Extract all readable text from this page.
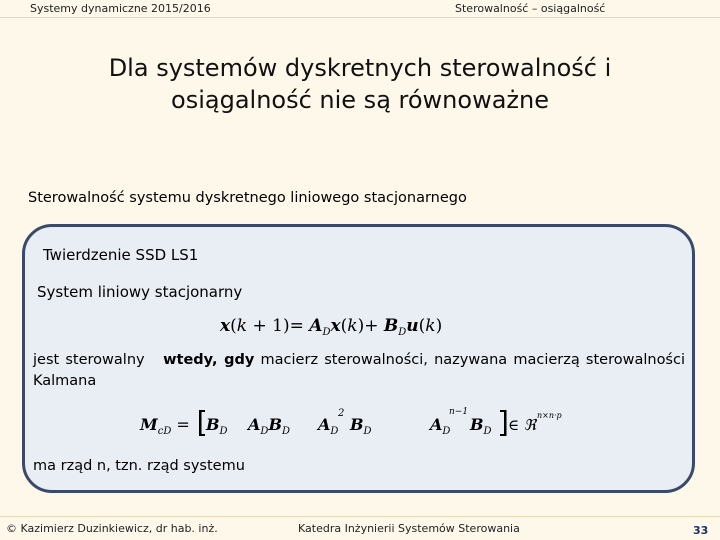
Systemy dynamiczne 2015/2016	Sterowalność – osiągalność
Dla systemów dyskretnych sterowalność i
osiągalność nie są równoważne
Sterowalność systemu dyskretnego liniowego stacjonarnego
Twierdzenie SSD LS1
System liniowy stacjonarny
$x(k + 1)= A_Dx(k)+ B_Du(k)$
jest sterowalny wtedy, gdy macierz sterowalności, nazywana macierzą sterowalności Kalmana
$M_{cD} = B_D$ $A_DB_D$ $A_D$
2
$B_D$	$A_D$
n−1
$B_D$ ∈ ℜ
n×n·p
ma rząd n, tzn. rząd systemu
© Kazimierz Duzinkiewicz, dr hab. inż.	Katedra Inżynierii Systemów Sterowania	33
